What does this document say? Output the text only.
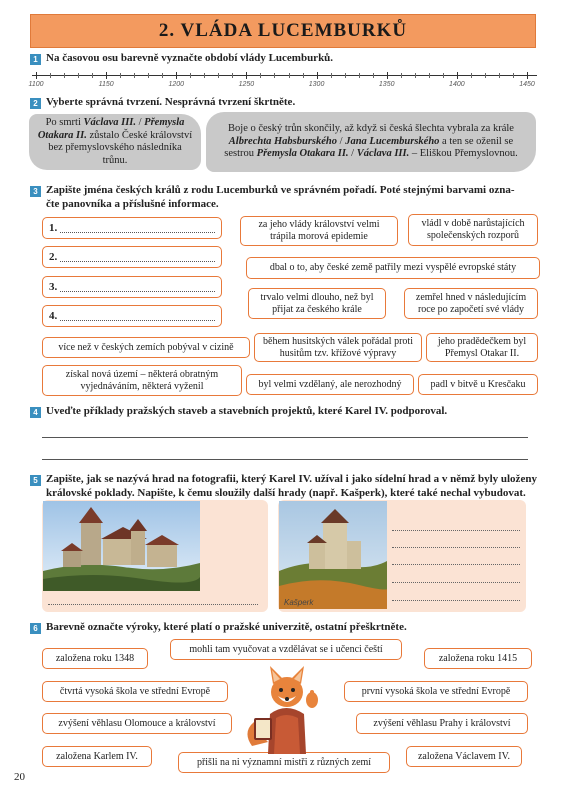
2. VLÁDA LUCEMBURKŮ
1 Na časovou osu barevně vyznačte období vlády Lucemburků.
1100	1150	1200	1250	1300	1350	1400	1450
2 Vyberte správná tvrzení. Nesprávná tvrzení škrtněte.
Po smrti Václava III. / Přemysla Otakara II. zůstalo České království bez přemyslovského následníka trůnu.
Boje o český trůn skončily, až když si česká šlechta vybrala za krále Albrechta Habsburského / Jana Lucemburského a ten se oženil se sestrou Přemysla Otakara II. / Václava III. – Eliškou Přemyslovnou.
3 Zapište jména českých králů z rodu Lucemburků ve správném pořadí. Poté stejnými barvami ozna-
čte panovníka a příslušné informace.
1.
2.
3.
4.
za jeho vlády království velmi trápila morová epidemie
vládl v době narůstajících společenských rozporů
dbal o to, aby české země patřily mezi vyspělé evropské státy
trvalo velmi dlouho, než byl přijat za českého krále
zemřel hned v následujícím roce po započetí své vlády
více než v českých zemích pobýval v cizině
během husitských válek pořádal proti husitům tzv. křížové výpravy
jeho pradědečkem byl Přemysl Otakar II.
získal nová území – některá obratným vyjednáváním, některá vyženil	byl velmi vzdělaný, ale nerozhodný	padl v bitvě u Kresčaku
4 Uveďte příklady pražských staveb a stavebních projektů, které Karel IV. podporoval.
5 Zapište, jak se nazývá hrad na fotografii, který Karel IV. užíval i jako sídelní hrad a v němž byly uloženy
královské poklady. Napište, k čemu sloužily další hrady (např. Kašperk), které také nechal vybudovat.
Kašperk
6 Barevně označte výroky, které platí o pražské univerzitě, ostatní přeškrtněte.
založena roku 1348
mohli tam vyučovat a vzdělávat se i učenci čeští
založena roku 1415
čtvrtá vysoká škola ve střední Evropě	první vysoká škola ve střední Evropě
zvýšení věhlasu Olomouce a království	zvýšení věhlasu Prahy i království
založena Karlem IV.
přišli na ni významní mistři z různých zemí
založena Václavem IV.
20
